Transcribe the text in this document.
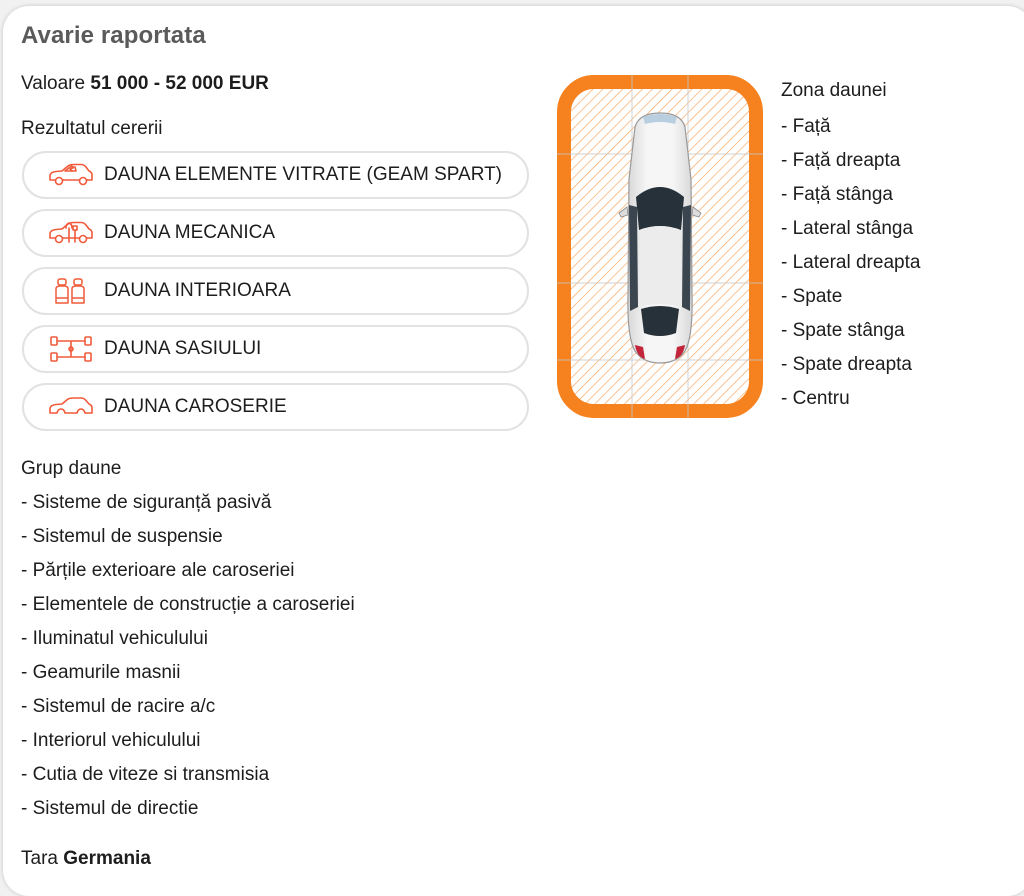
Avarie raportata
Valoare 51 000 - 52 000 EUR
Rezultatul cererii
DAUNA ELEMENTE VITRATE (GEAM SPART)
DAUNA MECANICA
DAUNA INTERIOARA
DAUNA SASIULUI
DAUNA CAROSERIE
Grup daune
- Sisteme de siguranță pasivă
- Sistemul de suspensie
- Părțile exterioare ale caroseriei
- Elementele de construcție a caroseriei
- Iluminatul vehiculului
- Geamurile masnii
- Sistemul de racire a/c
- Interiorul vehiculului
- Cutia de viteze si transmisia
- Sistemul de directie
Tara Germania
Zona daunei
- Față
- Față dreapta
- Față stânga
- Lateral stânga
- Lateral dreapta
- Spate
- Spate stânga
- Spate dreapta
- Centru
